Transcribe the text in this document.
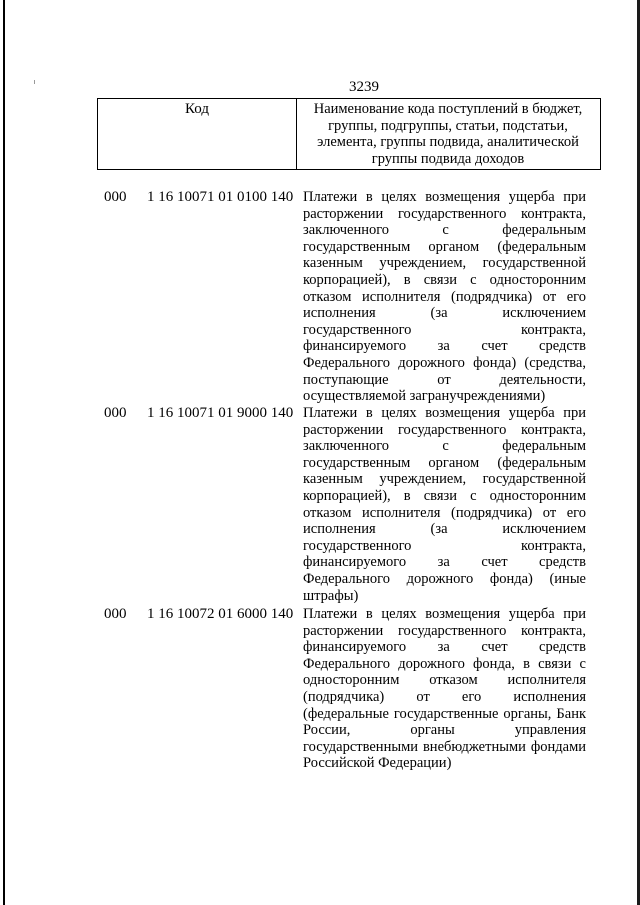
3239
Код	Наименование кода поступлений в бюджет,
группы, подгруппы, статьи, подстатьи,
элемента, группы подвида, аналитической
группы подвида доходов
000 1 16 10071 01 0100 140 Платежи в целях возмещения ущерба при
расторжении государственного контракта,
заключенного с федеральным
государственным органом (федеральным
казенным учреждением, государственной
корпорацией), в связи с односторонним
отказом исполнителя (подрядчика) от его
исполнения (за исключением
государственного контракта,
финансируемого за счет средств
Федерального дорожного фонда) (средства,
поступающие от деятельности,
осуществляемой загранучреждениями)
000 1 16 10071 01 9000 140 Платежи в целях возмещения ущерба при
расторжении государственного контракта,
заключенного с федеральным
государственным органом (федеральным
казенным учреждением, государственной
корпорацией), в связи с односторонним
отказом исполнителя (подрядчика) от его
исполнения (за исключением
государственного контракта,
финансируемого за счет средств
Федерального дорожного фонда) (иные
штрафы)
000 1 16 10072 01 6000 140 Платежи в целях возмещения ущерба при
расторжении государственного контракта,
финансируемого за счет средств
Федерального дорожного фонда, в связи с
односторонним отказом исполнителя
(подрядчика) от его исполнения
(федеральные государственные органы, Банк
России, органы управления
государственными внебюджетными фондами
Российской Федерации)
